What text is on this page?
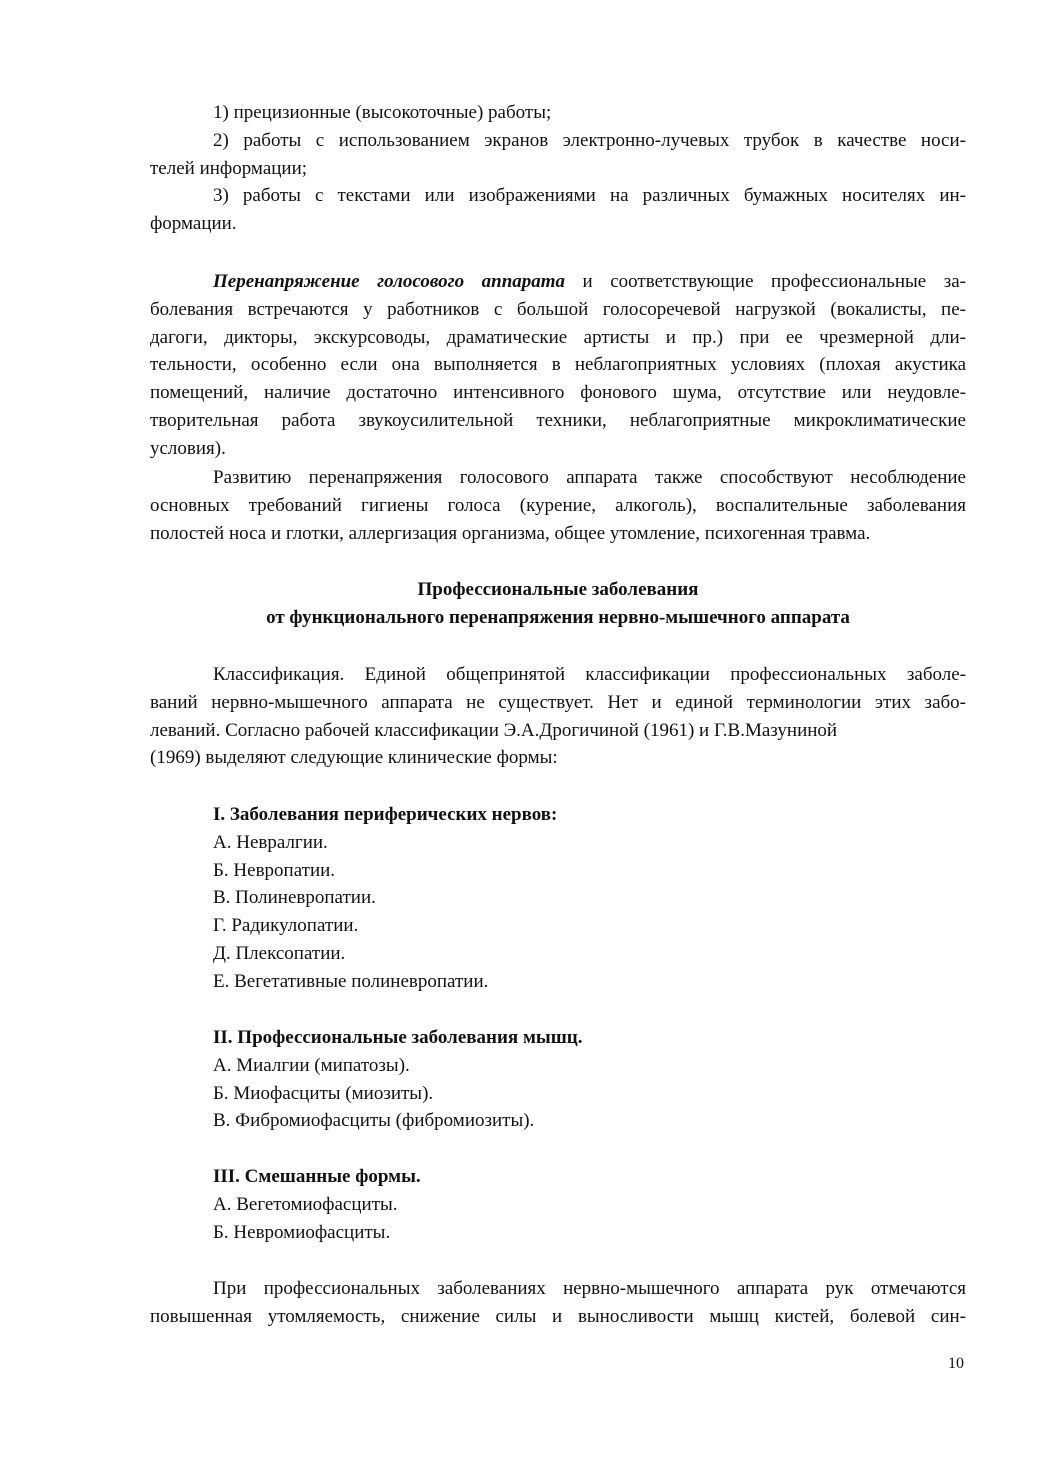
1) прецизионные (высокоточные) работы;
2) работы с использованием экранов электронно-лучевых трубок в качестве носи-
телей информации;
3) работы с текстами или изображениями на различных бумажных носителях ин-
формации.
Перенапряжение голосового аппарата и соответствующие профессиональные за-
болевания встречаются у работников с большой голосоречевой нагрузкой (вокалисты, пе-
дагоги, дикторы, экскурсоводы, драматические артисты и пр.) при ее чрезмерной дли-
тельности, особенно если она выполняется в неблагоприятных условиях (плохая акустика
помещений, наличие достаточно интенсивного фонового шума, отсутствие или неудовле-
творительная работа звукоусилительной техники, неблагоприятные микроклиматические
условия).
Развитию перенапряжения голосового аппарата также способствуют несоблюдение
основных требований гигиены голоса (курение, алкоголь), воспалительные заболевания
полостей носа и глотки, аллергизация организма, общее утомление, психогенная травма.
Профессиональные заболевания
от функционального перенапряжения нервно-мышечного аппарата
Классификация. Единой общепринятой классификации профессиональных заболе-
ваний нервно-мышечного аппарата не существует. Нет и единой терминологии этих забо-
леваний. Согласно рабочей классификации Э.А.Дрогичиной (1961) и Г.В.Мазуниной
(1969) выделяют следующие клинические формы:
I. Заболевания периферических нервов:
А. Невралгии.
Б. Невропатии.
В. Полиневропатии.
Г. Радикулопатии.
Д. Плексопатии.
Е. Вегетативные полиневропатии.
II. Профессиональные заболевания мышц.
А. Миалгии (мипатозы).
Б. Миофасциты (миозиты).
В. Фибромиофасциты (фибромиозиты).
III. Смешанные формы.
А. Вегетомиофасциты.
Б. Невромиофасциты.
При профессиональных заболеваниях нервно-мышечного аппарата рук отмечаются
повышенная утомляемость, снижение силы и выносливости мышц кистей, болевой син-
10
